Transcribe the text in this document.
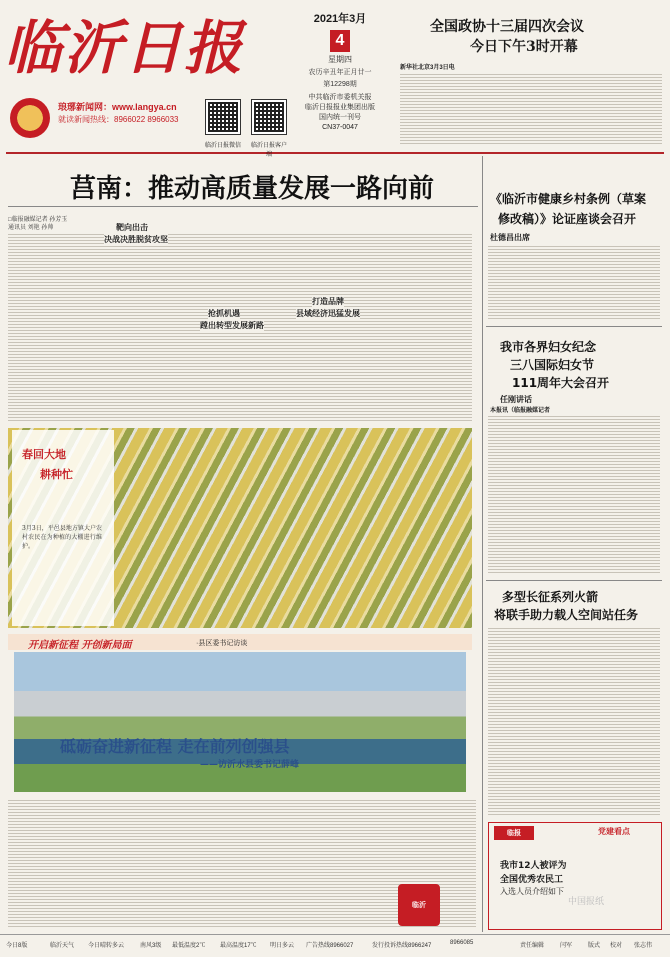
临沂日报
琅琊新闻网：www.langya.cn
就读新闻热线：8966022 8966033
临沂日报微信	临沂日报客户端
2021年3月
4
星期四
农历辛丑年正月廿一
第12298期
中共临沂市委机关报
临沂日报报业集团出版
国内统一刊号
CN37-0047
全国政协十三届四次会议
今日下午3时开幕
新华社北京3月3日电
莒南：推动高质量发展一路向前
□临报融媒记者 孙芳玉
通讯员 刘艳 孙帅	靶向出击
决战决胜脱贫攻坚
抢抓机遇
蹚出转型发展新路
打造品牌
县域经济迅猛发展
《临沂市健康乡村条例（草案
修改稿）》论证座谈会召开
杜德昌出席
我市各界妇女纪念
三八国际妇女节
111周年大会召开
任刚讲话
本报讯（临报融媒记者
多型长征系列火箭
将联手助力载人空间站任务
春回大地
耕种忙
3月3日，平邑县地方镇大户农村农民在为种植的大棚进行维护。
开启新征程 开创新局面	·县区委书记访谈
砥砺奋进新征程 走在前列创强县
——访沂水县委书记薛峰
临报	党建看点
我市12人被评为
全国优秀农民工
入选人员介绍如下
中国报纸
临沂
今日8版	临沂天气 今日晴转多云	南风3级 最低温度2℃ 最高温度17℃ 明日多云 广告热线8966027	发行投诉热线8966247	8966085	责任编辑	闫军	版式 校对 张志伟
